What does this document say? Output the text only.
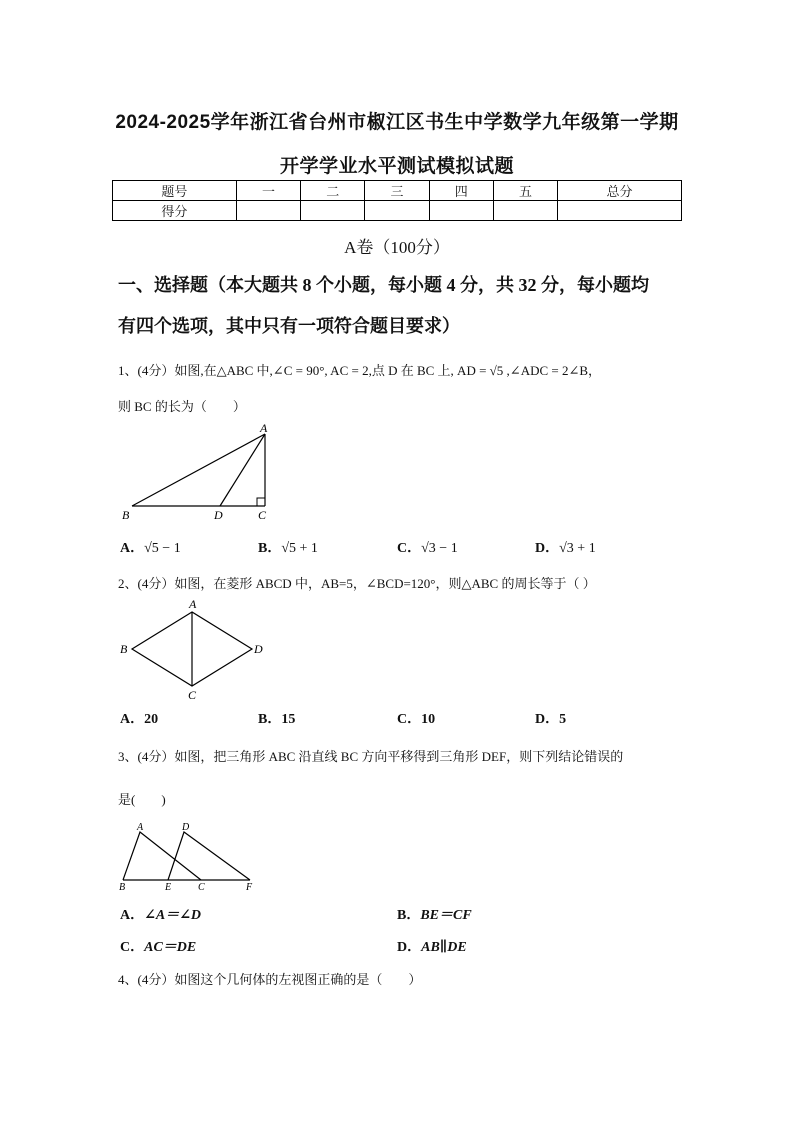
2024-2025学年浙江省台州市椒江区书生中学数学九年级第一学期
开学学业水平测试模拟试题
题号	一	二	三	四	五	总分
得分						
A卷（100分）
一、选择题（本大题共 8 个小题，每小题 4 分，共 32 分，每小题均
有四个选项，其中只有一项符合题目要求）
1、(4分）如图,在△ABC 中,∠C = 90°, AC = 2,点 D 在 BC 上, AD = √5 ,∠ADC = 2∠B，
则 BC 的长为（　　）
A
B	D	C
A．√5 − 1	B．√5 + 1	C．√3 − 1	D．√3 + 1
2、(4分）如图，在菱形 ABCD 中，AB=5，∠BCD=120°，则△ABC 的周长等于（ ）
A
B	D
C
A．20	B．15	C．10	D．5
3、(4分）如图，把三角形 ABC 沿直线 BC 方向平移得到三角形 DEF，则下列结论错误的
是(　　)
A	D
B	E	C	F
A．∠A＝∠D	B．BE＝CF
C．AC＝DE	D．AB∥DE
4、(4分）如图这个几何体的左视图正确的是（　　）
